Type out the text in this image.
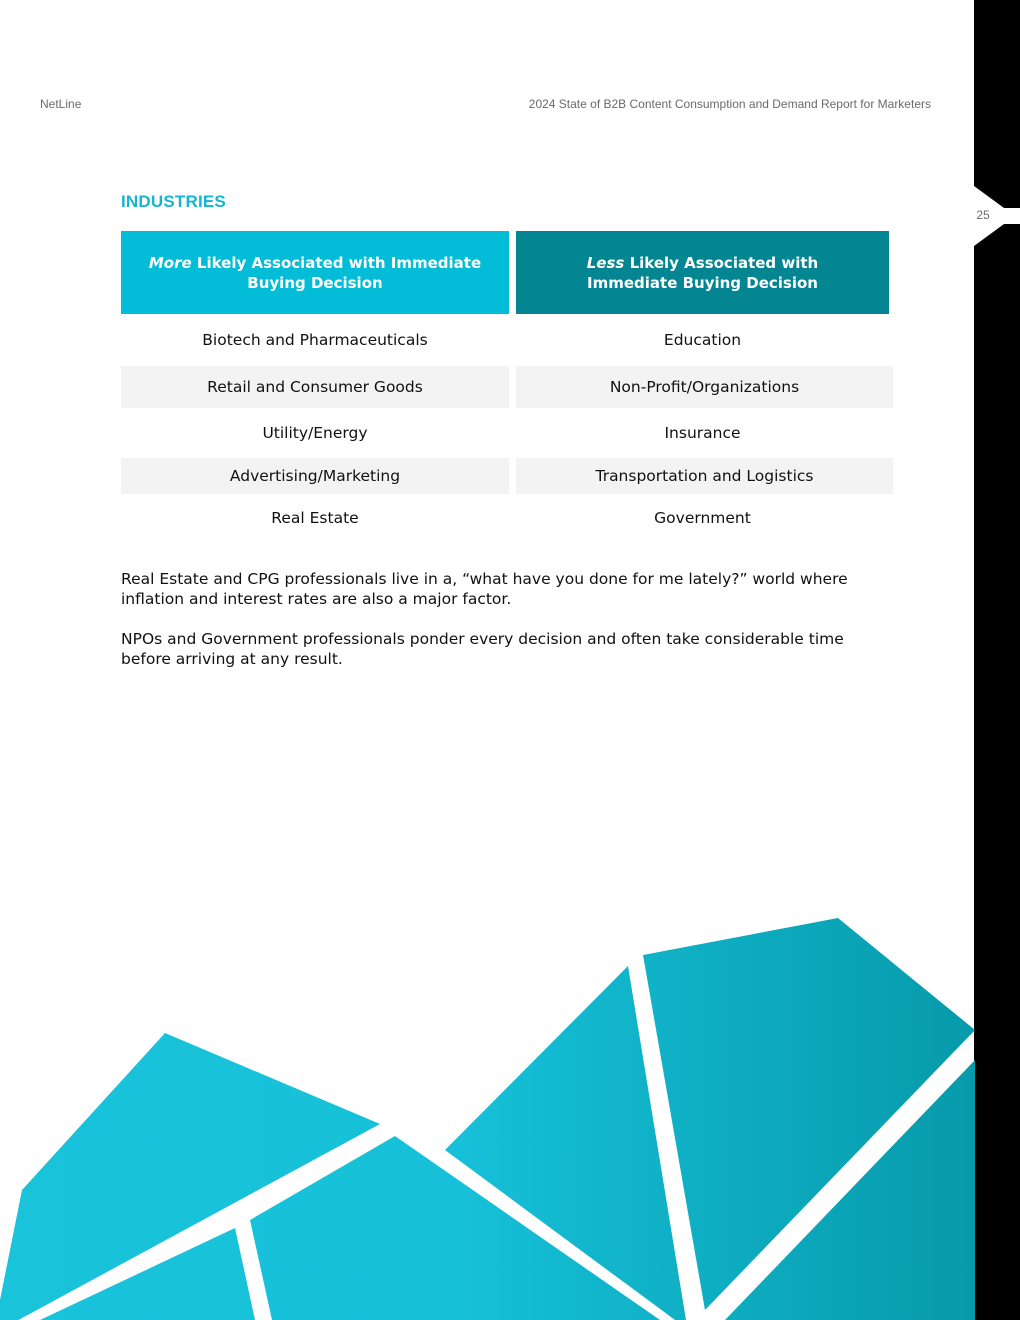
25
NetLine	2024 State of B2B Content Consumption and Demand Report for Marketers
INDUSTRIES
More Likely Associated with Immediate Buying Decision
Less Likely Associated with Immediate Buying Decision
Biotech and Pharmaceuticals	Education
Retail and Consumer Goods	Non-Profit/Organizations
Utility/Energy	Insurance
Advertising/Marketing	Transportation and Logistics
Real Estate	Government
Real Estate and CPG professionals live in a, “what have you done for me lately?” world where inflation and interest rates are also a major factor.
NPOs and Government professionals ponder every decision and often take considerable time before arriving at any result.
